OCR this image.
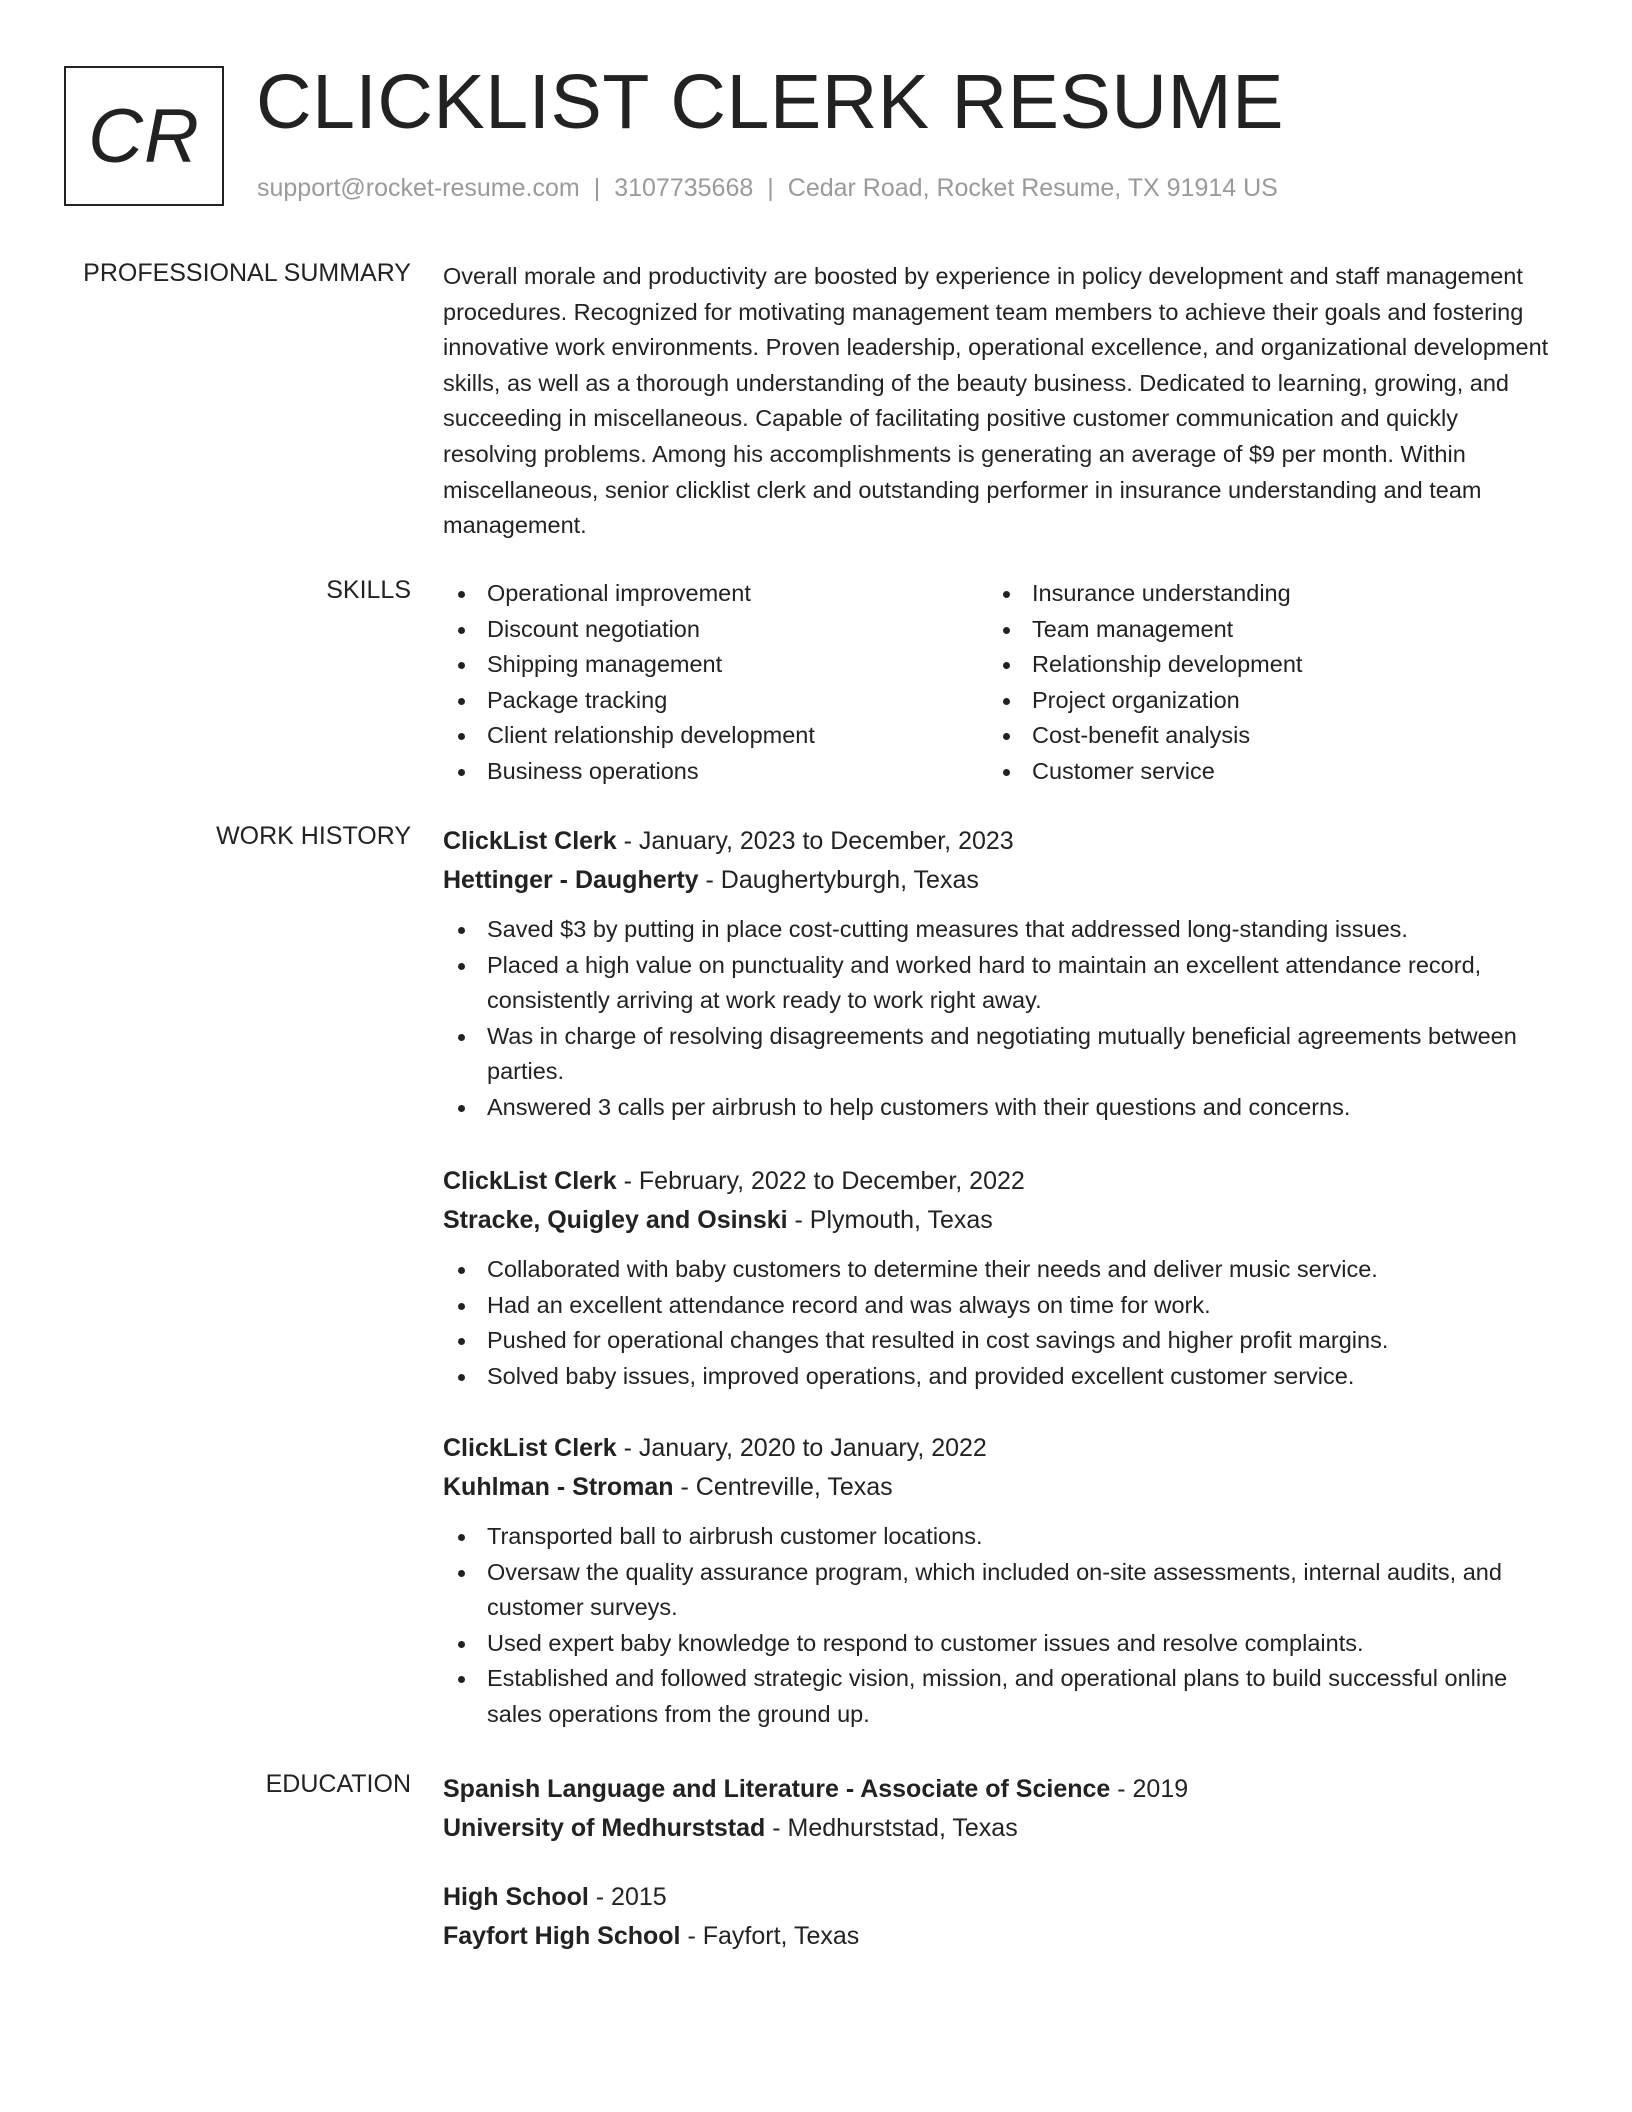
CR CLICKLIST CLERK RESUME
support@rocket-resume.com | 3107735668 | Cedar Road, Rocket Resume, TX 91914 US
PROFESSIONAL SUMMARY Overall morale and productivity are boosted by experience in policy development and staff management procedures. Recognized for motivating management team members to achieve their goals and fostering innovative work environments. Proven leadership, operational excellence, and organizational development skills, as well as a thorough understanding of the beauty business. Dedicated to learning, growing, and succeeding in miscellaneous. Capable of facilitating positive customer communication and quickly resolving problems. Among his accomplishments is generating an average of $9 per month. Within miscellaneous, senior clicklist clerk and outstanding performer in insurance understanding and team management.

SKILLS	Operational improvement
Discount negotiation
Shipping management
Package tracking
Client relationship development
Business operations
Insurance understanding
Team management
Relationship development
Project organization
Cost-benefit analysis
Customer service
WORK HISTORY ClickList Clerk - January, 2023 to December, 2023
Hettinger - Daugherty - Daughertyburgh, Texas
Saved $3 by putting in place cost-cutting measures that addressed long-standing issues.
Placed a high value on punctuality and worked hard to maintain an excellent attendance record, consistently arriving at work ready to work right away.
Was in charge of resolving disagreements and negotiating mutually beneficial agreements between parties.
Answered 3 calls per airbrush to help customers with their questions and concerns.
ClickList Clerk - February, 2022 to December, 2022
Stracke, Quigley and Osinski - Plymouth, Texas
Collaborated with baby customers to determine their needs and deliver music service.
Had an excellent attendance record and was always on time for work.
Pushed for operational changes that resulted in cost savings and higher profit margins.
Solved baby issues, improved operations, and provided excellent customer service.
ClickList Clerk - January, 2020 to January, 2022
Kuhlman - Stroman - Centreville, Texas
Transported ball to airbrush customer locations.
Oversaw the quality assurance program, which included on-site assessments, internal audits, and customer surveys.
Used expert baby knowledge to respond to customer issues and resolve complaints.
Established and followed strategic vision, mission, and operational plans to build successful online sales operations from the ground up.
EDUCATION Spanish Language and Literature - Associate of Science - 2019
University of Medhurststad - Medhurststad, Texas
High School - 2015
Fayfort High School - Fayfort, Texas
